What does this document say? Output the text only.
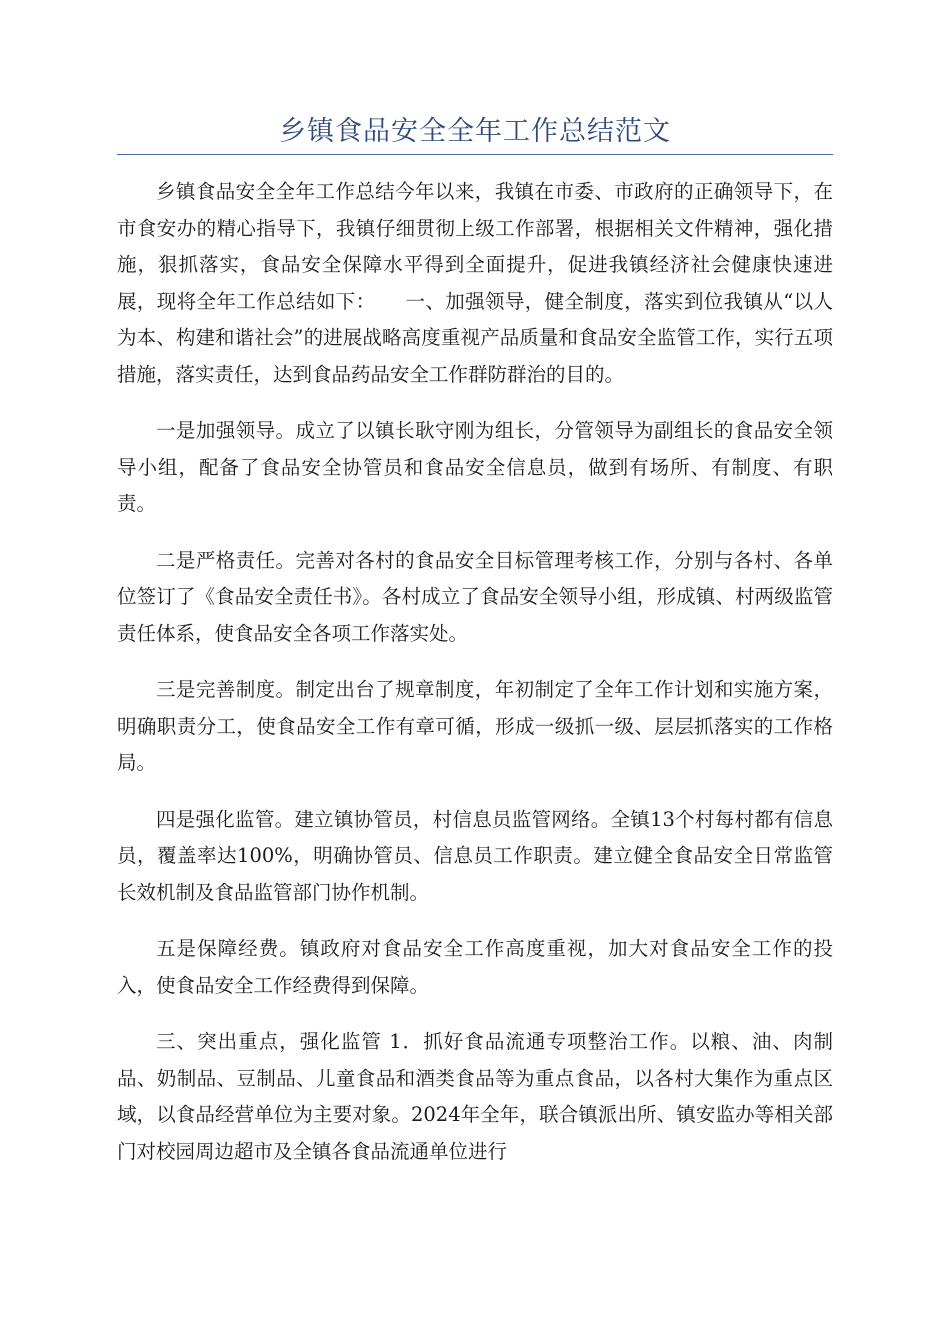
乡镇食品安全全年工作总结范文

乡镇食品安全全年工作总结今年以来，我镇在市委、市政府的正确领导下，在市食安办的精心指导下，我镇仔细贯彻上级工作部署，根据相关文件精神，强化措施，狠抓落实，食品安全保障水平得到全面提升，促进我镇经济社会健康快速进展，现将全年工作总结如下：　　一、加强领导，健全制度，落实到位我镇从“以人为本、构建和谐社会”的进展战略高度重视产品质量和食品安全监管工作，实行五项措施，落实责任，达到食品药品安全工作群防群治的目的。

一是加强领导。成立了以镇长耿守刚为组长，分管领导为副组长的食品安全领导小组，配备了食品安全协管员和食品安全信息员，做到有场所、有制度、有职责。

二是严格责任。完善对各村的食品安全目标管理考核工作，分别与各村、各单位签订了《食品安全责任书》。各村成立了食品安全领导小组，形成镇、村两级监管责任体系，使食品安全各项工作落实处。

三是完善制度。制定出台了规章制度，年初制定了全年工作计划和实施方案，明确职责分工，使食品安全工作有章可循，形成一级抓一级、层层抓落实的工作格局。

四是强化监管。建立镇协管员，村信息员监管网络。全镇13个村每村都有信息员，覆盖率达100%，明确协管员、信息员工作职责。建立健全食品安全日常监管长效机制及食品监管部门协作机制。

五是保障经费。镇政府对食品安全工作高度重视，加大对食品安全工作的投入，使食品安全工作经费得到保障。

三、突出重点，强化监管 1．抓好食品流通专项整治工作。以粮、油、肉制品、奶制品、豆制品、儿童食品和酒类食品等为重点食品，以各村大集作为重点区域，以食品经营单位为主要对象。2024年全年，联合镇派出所、镇安监办等相关部门对校园周边超市及全镇各食品流通单位进行
